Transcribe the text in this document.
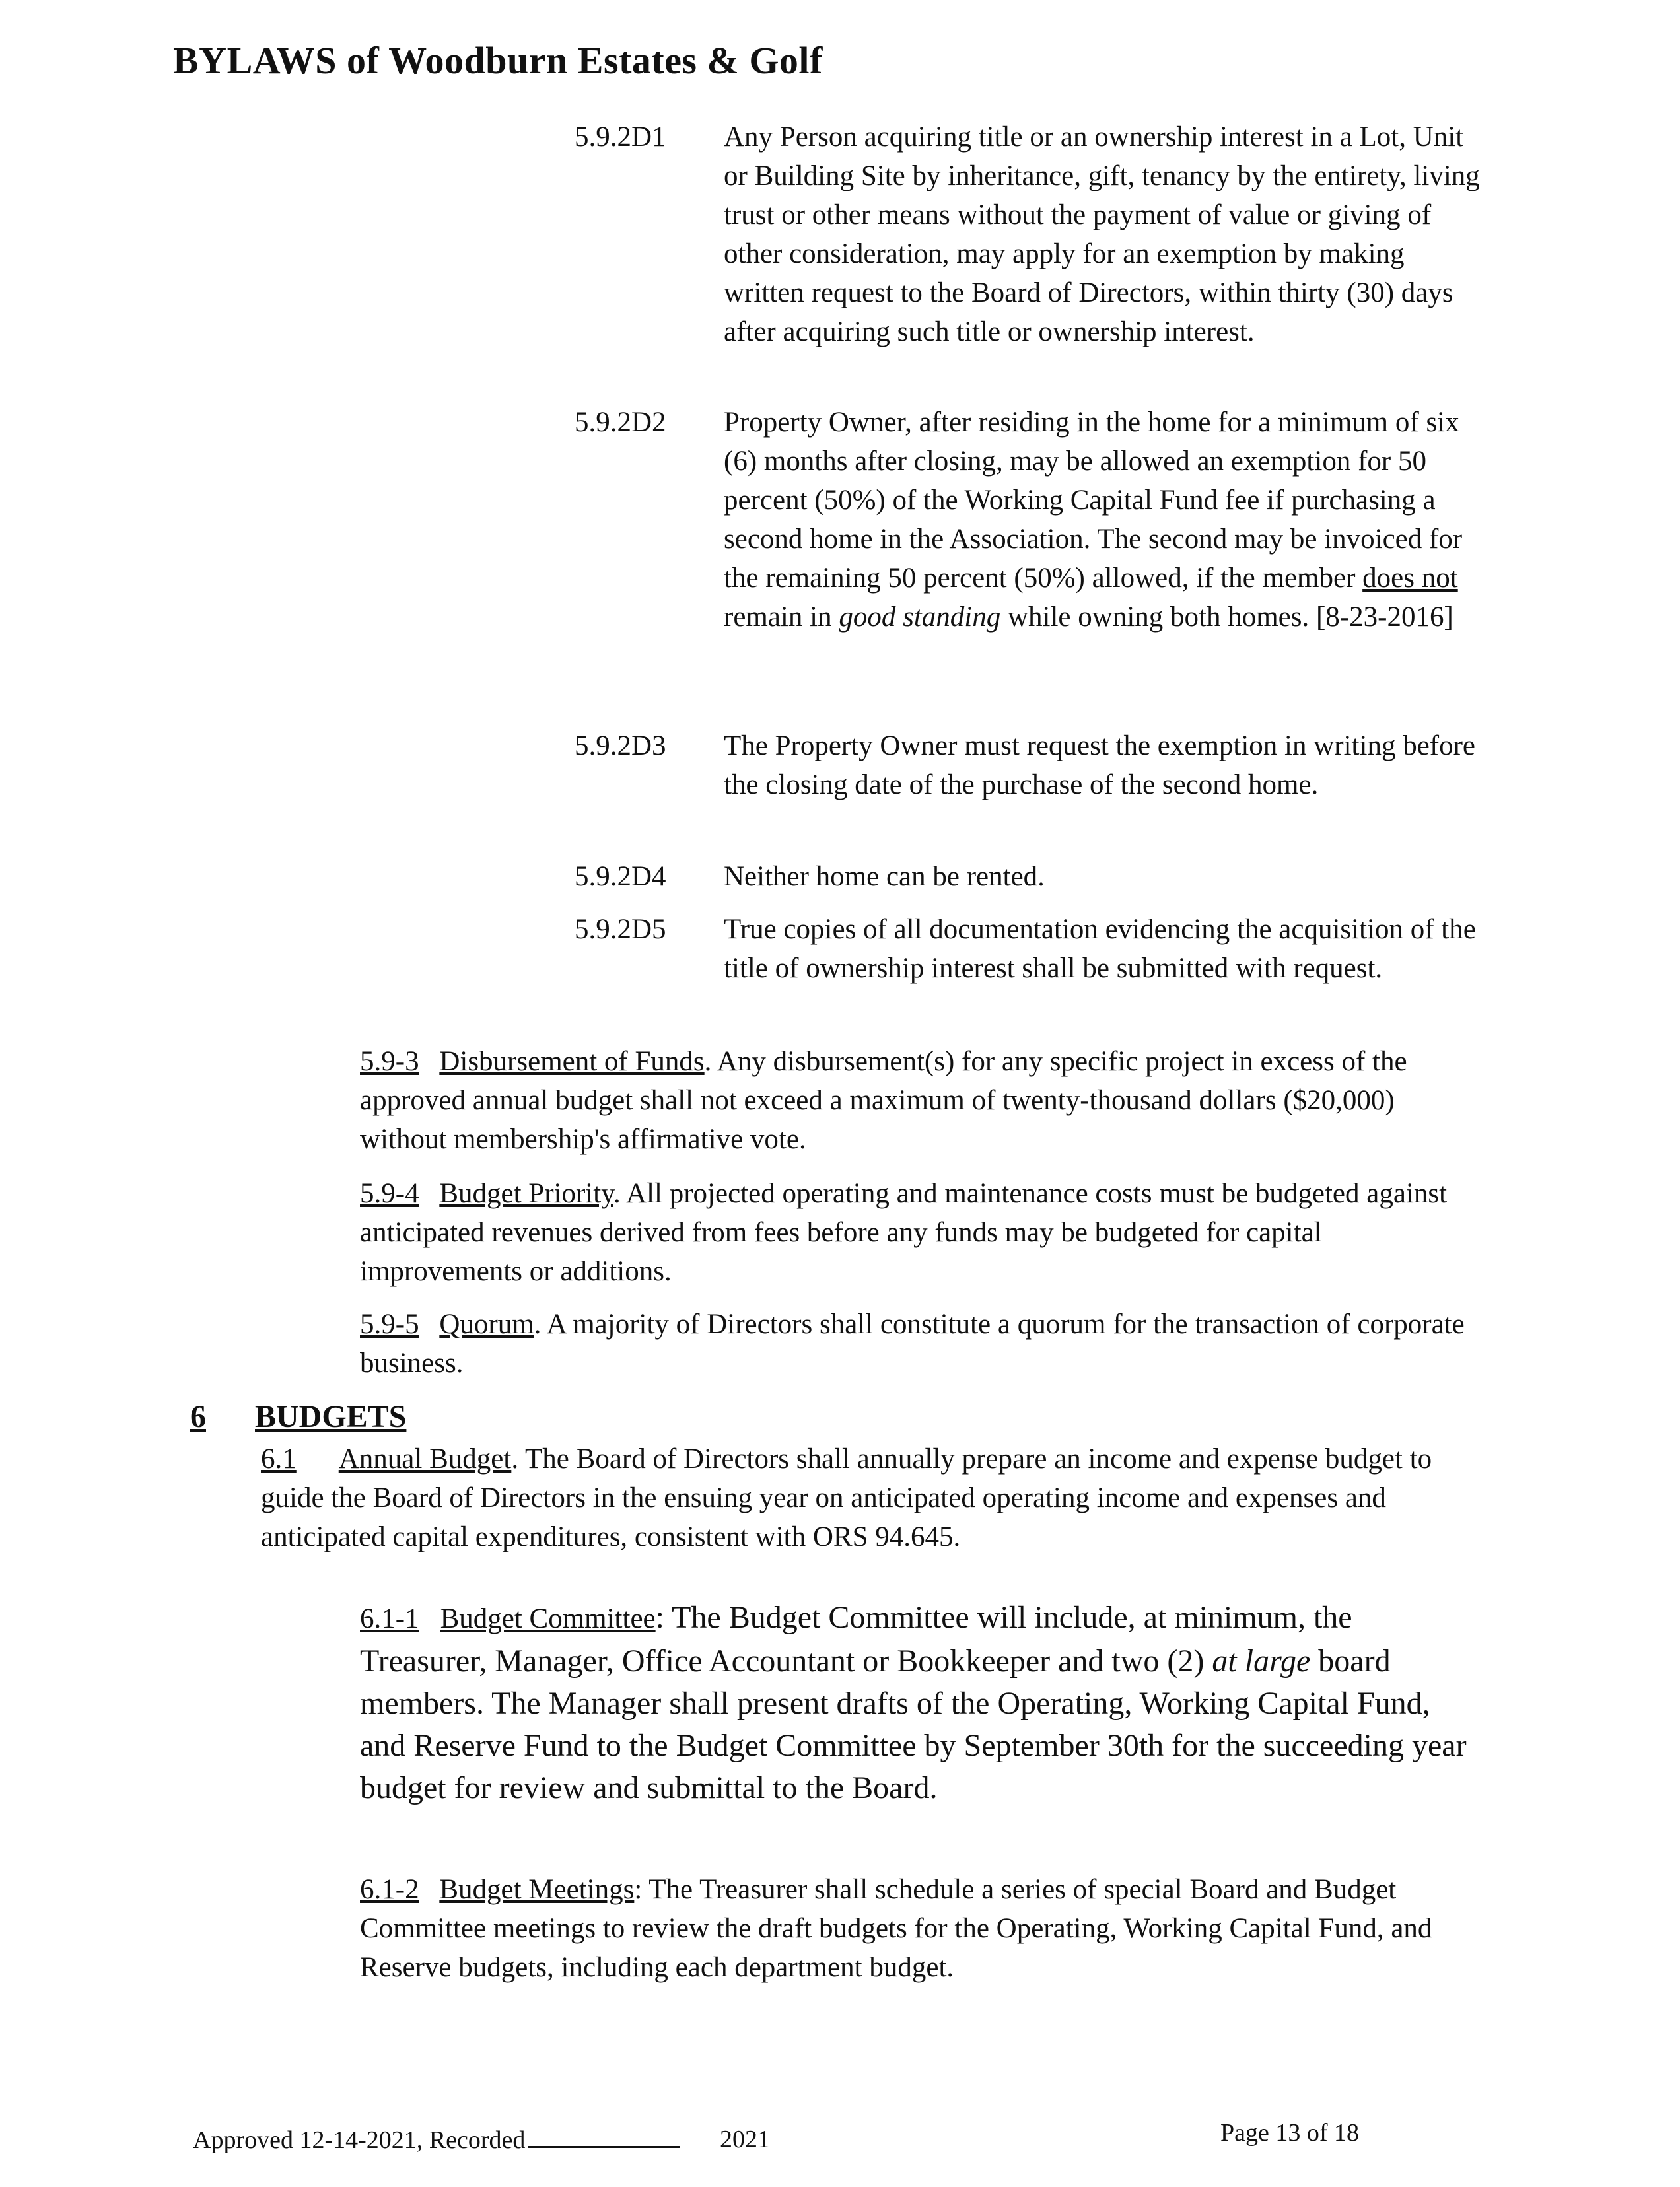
BYLAWS of Woodburn Estates & Golf
5.9.2D1 Any Person acquiring title or an ownership interest in a Lot, Unit or Building Site by inheritance, gift, tenancy by the entirety, living trust or other means without the payment of value or giving of other consideration, may apply for an exemption by making written request to the Board of Directors, within thirty (30) days after acquiring such title or ownership interest.
5.9.2D2 Property Owner, after residing in the home for a minimum of six (6) months after closing, may be allowed an exemption for 50 percent (50%) of the Working Capital Fund fee if purchasing a second home in the Association. The second may be invoiced for the remaining 50 percent (50%) allowed, if the member does not remain in good standing while owning both homes. [8-23-2016]
5.9.2D3 The Property Owner must request the exemption in writing before the closing date of the purchase of the second home.
5.9.2D4 Neither home can be rented.
5.9.2D5 True copies of all documentation evidencing the acquisition of the title of ownership interest shall be submitted with request.
5.9-3 Disbursement of Funds. Any disbursement(s) for any specific project in excess of the approved annual budget shall not exceed a maximum of twenty-thousand dollars ($20,000) without membership's affirmative vote.
5.9-4 Budget Priority. All projected operating and maintenance costs must be budgeted against anticipated revenues derived from fees before any funds may be budgeted for capital improvements or additions.
5.9-5 Quorum. A majority of Directors shall constitute a quorum for the transaction of corporate business.
6 BUDGETS
6.1 Annual Budget. The Board of Directors shall annually prepare an income and expense budget to guide the Board of Directors in the ensuing year on anticipated operating income and expenses and anticipated capital expenditures, consistent with ORS 94.645.
6.1-1 Budget Committee: The Budget Committee will include, at minimum, the Treasurer, Manager, Office Accountant or Bookkeeper and two (2) at large board members. The Manager shall present drafts of the Operating, Working Capital Fund, and Reserve Fund to the Budget Committee by September 30th for the succeeding year budget for review and submittal to the Board.
6.1-2 Budget Meetings: The Treasurer shall schedule a series of special Board and Budget Committee meetings to review the draft budgets for the Operating, Working Capital Fund, and Reserve budgets, including each department budget.
Approved 12-14-2021, Recorded	2021	Page 13 of 18
